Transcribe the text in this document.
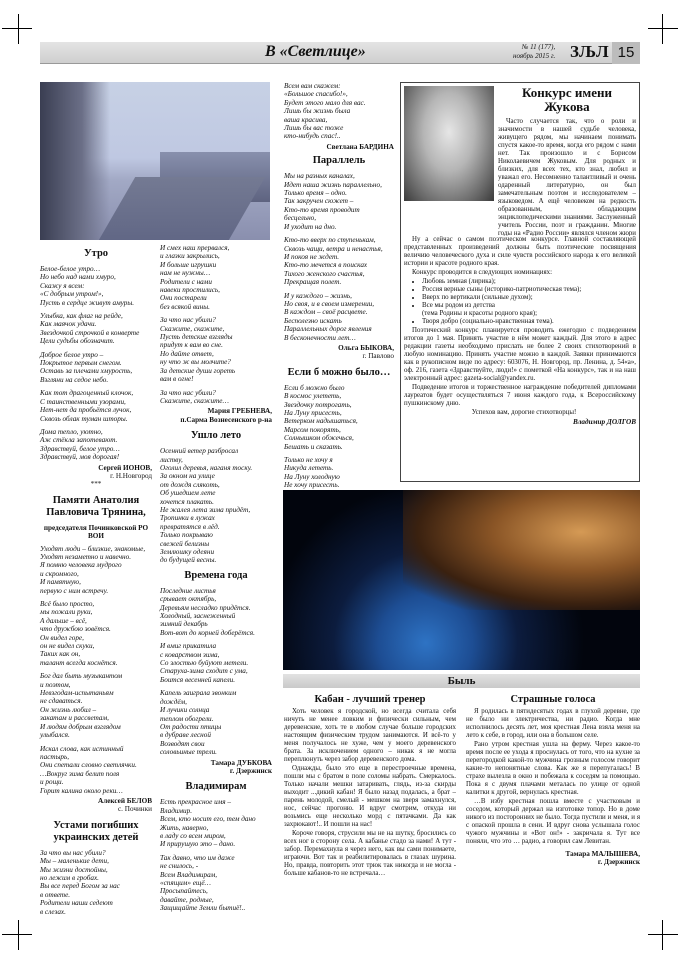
В «Светлице»	№ 11 (177),
ноябрь 2015 г. ЗЉЛ 15
Утро

Белое-белое утро…
Но небо над нами хмуро,
Скажу я всем:
«С добрым утром!»,
Пусть в сердце живут амуры.

Улыбка, как флаг на рейде,
Как маячок удачи.
Звездочкой строчкой в конверте
Цели судьбы обозначит.

Доброе белое утро –
Покрытое первым снегом.
Оставь за плечами хмурость,
Взгляни на седое небо.

Как тот драгоценный клочок,
С таинственными узорами,
Нет-нет да пробьётся лучок,
Сквозь облак туман шторы.

Дома тепло, уютно,
Аж стёкла запотевают.
Здравствуй, белое утро…
Здравствуй, моя дорогая!

Сергей ИОНОВ,
г. Н.Новгород
***
Памяти Анатолия Павловича Трянина,
председателя Починковской РО ВОИ

Уходят люди – близкие, знакомые,
Уходят незаметно и навечно.
Я помню человека мудрого
и скромного,
И памятную,
первую с ним встречу.

Всё было просто,
мы пожали руки,
А дальше – всё,
что дружбою зовётся.
Он видел горе,
он не видел скуки,
Таких как он,
талант всегда коснётся.

Бог дал быть музыкантом
и поэтом,
Невзгодам-испытаньям
не сдаваться.
Он жизнь любил –
закатам и рассветам,
И людям добрым взглядом
улыбался.

Искал слова, как истинный
пастырь,
Они спетали словно светлячки.
…Вокруг зима белит поля
и рощи.
Горит калина около реки…

Алексей БЕЛОВ
с. Починки
Устами погибших украинских детей

За что вы нас убили?
Мы – маленькие дети,
Мы жизни достойны,
но лежим в гробах.
Вы все перед Богом за нас
в ответе.
Родители наши седеют
в слезах.

И смех наш прервался,
и глазки закрылись,
И больше игрушки
нам не нужны…
Родители с нами
навеки простились,
Они постарели
без всякой вины.

За что нас убили?
Скажите, скажите,
Пусть детские взгляды
придут к вам во сне.
Но дайте ответ,
ну что ж вы молчите?
За детские души гореть
вам в огне!

За что нас убили?
Скажите, скажите…

Мария ГРЕБНЕВА,
п.Сарма Вознесенского р-на
Ушло лето

Осенний ветер разбросал
листву,
Оголил деревья, наганя тоску.
За окном на улице
от дождя слякоть,
Об ушедшем лете
хочется плакать.
Не жалея лета зима придёт,
Тропинки в лужах
превратятся в лёд.
Только покрываю
свежей белизны
Землюшку одеяни
до будущей весны.

Времена года

Последние листья
срывает октябрь,
Деревьям несладко придётся.
Холодный, заснеженный
зимний декабрь
Вот-вот до корней доберётся.

И вмиг прикатила
с коварством зима,
Со злостью буйуют метели.
Старуха-зима сходит с ума,
Боится весенней капели.

Капель заиграла звонким
дождём,
И лучики солнца
теплом обогрели.
От радости птицы
в дубраве лесной
Возводят свои
соловьиные трели.

Тамара ДУБКОВА
г. Дзержинск
Владимирам

Есть прекрасное имя –
Владимир.
Всем, кто носит его, тем дано
Жить, наверно,
в ладу со всем миром,
И прирушую это – дано.

Так давно, что им даже
не снилось, -
Всем Владимирам,
«спящим» ещё…
Просыпайтесь,
давайте, родные,
Защищайте Земли бытиё!..

Всем вам скажем:
«Большое спасибо!»,
Будет этого мало для вас.
Лишь бы жизнь была
ваша красива,
Лишь бы вас тоже
кто-нибудь спас!..

Светлана БАРДИНА
Параллель

Мы на разных каналах,
Идет наша жизнь параллельно,
Только время – одно.
Так закручен сюжет –
Кто-то время проводит
бесцельно,
И уходит на дно.

Кто-то вверх по ступенькам,
Сквозь чащи, ветра и ненастья,
И покоя не ждет.
Кто-то мечется в поисках
Тихого женского счастья,
Прекращая полет.

И у каждого – жизнь,
Но своя, и в своем измерении,
В каждом – своё расцвете.
Бесполезно искать
Параллельных дорог явления
В бесконечности лет…

Ольга БЫКОВА,
г. Павлово
Если б можно было…

Если б можно было
В космос улететь,
Звездочку потрогать,
На Луну присесть,
Ветерком надышаться,
Марсом покорять,
Солнышком обжечься,
Бешать и сказать.

Только не хочу я
Никуда лететь.
На Луну холодную
Не хочу присесть.

Конкурс имени Жукова

Часто случается так, что о роли и значимости в нашей судьбе человека, живущего рядом, мы начинаем понимать спустя какое-то время, когда его рядом с нами нет. Так произошло и с Борисом Николаевичем Жуковым. Для родных и близких, для всех тех, кто знал, любил и уважал его. Несомненно талантливый и очень одаренный литературно, он был замечательным поэтом и исследователем – языковедом. А ещё человеком на редкость образованным, обладающим энциклопедическими знаниями. Заслуженный учитель России, поэт и гражданин. Многие годы на «Радио России» являлся членом жюри

Ну а сейчас о самом поэтическом конкурсе. Главной составляющей представленных произведений должны быть поэтические посвящения величию человеческого духа и силе чувств российского народа к его великой истории и красоте родного края.

Конкурс проводится в следующих номинациях:

• Любовь земная (лирика);
• Россия верные сыны (историко-патриотическая тема);
• Вверх по вертикали (сильные духом);
• Все мы родом из детства
(тема Родины и красоты родного края);
• Творя добро (социально-нравственная тема).

Поэтический конкурс планируется проводить ежегодно с подведением итогов до 1 мая. Принять участие в нём может каждый. Для этого в адрес редакции газеты необходимо прислать не более 2 своих стихотворений в любую номинацию. Принять участие можно в каждой. Заявки принимаются как в рукописном виде по адресу: 603076, Н. Новгород, пр. Ленина, д. 54«а», оф. 216, газета «Здравствуйте, люди!» с пометкой «На конкурс», так и на наш электронный адрес: gazeta-social@yandex.ru.

Подведение итогов и торжественное награждение победителей дипломами лауреатов будет осуществляться 7 июня каждого года, к Всероссийскому пушкинскому дню.

Успехов вам, дорогие стихотворцы!

Владимир ДОЛГОВ
Быль
Кабан - лучший тренер

Хоть человек я городской, но всегда считала себя ничуть не менее ловким и физически сильным, чем деревенские, хоть те в любом случае больше городских настоящим физическим трудом занимаются. И всё-то у меня получалось не хуже, чем у моего деревенского брата. За исключением одного – никак я не могла переплюнуть через забор деревенского дома.

Однажды, было это еще в перестроечные времена, пошли мы с братом в поле соломы набрать. Смеркалось. Только начали мешки затаривать, глядь, из-за скирды выходит ...дикий кабан! Я было назад подалась, а брат – парень молодой, смелый - мешком на зверя замахнулся, нос, сейчас прогоню. И вдруг смотрим, откуда ни возьмись еще несколько морд с пятачками. Да как захрюкают!.. И пошли на нас!

Короче говоря, струсили мы не на шутку, бросились со всех ног в сторону села. А кабанье стадо за нами! А тут - забор. Перемахнула я через него, как вы сами понимаете, играючи. Вот так и реабилитировалась в глазах шурина. Но, правда, повторить этот трюк так никогда и не могла - больше кабанов-то не встречала…

Страшные голоса

Я родилась в пятидесятых годах в глухой деревне, где не было ни электричества, ни радио. Когда мне исполнилось десять лет, моя крестная Лена взяла меня на лето к себе, в город, или она в большом селе.

Рано утром крестная ушла на ферму. Через какое-то время после ее ухода я проснулась от того, что на кухне за перегородкой какой-то мужчина грозным голосом говорит какие-то непонятные слова. Как же я перепугалась! В страхе вылезла в окно и побежала к соседям за помощью. Пока я с двумя плачами металась по улице от одной калитки к другой, вернулась крестная.

…В избу крестная пошла вместе с участковым и соседом, который держал на изготовке топор. Но в доме никого из посторонних не было. Тогда пустили и меня, и я с опаской прошла в сени. И вдруг снова услышала голос чужого мужчины и «Вот он!» - закричала я. Тут все поняли, что это … радио, а говорил сам Левитан.

Тамара МАЛЫШЕВА,
г. Дзержинск
